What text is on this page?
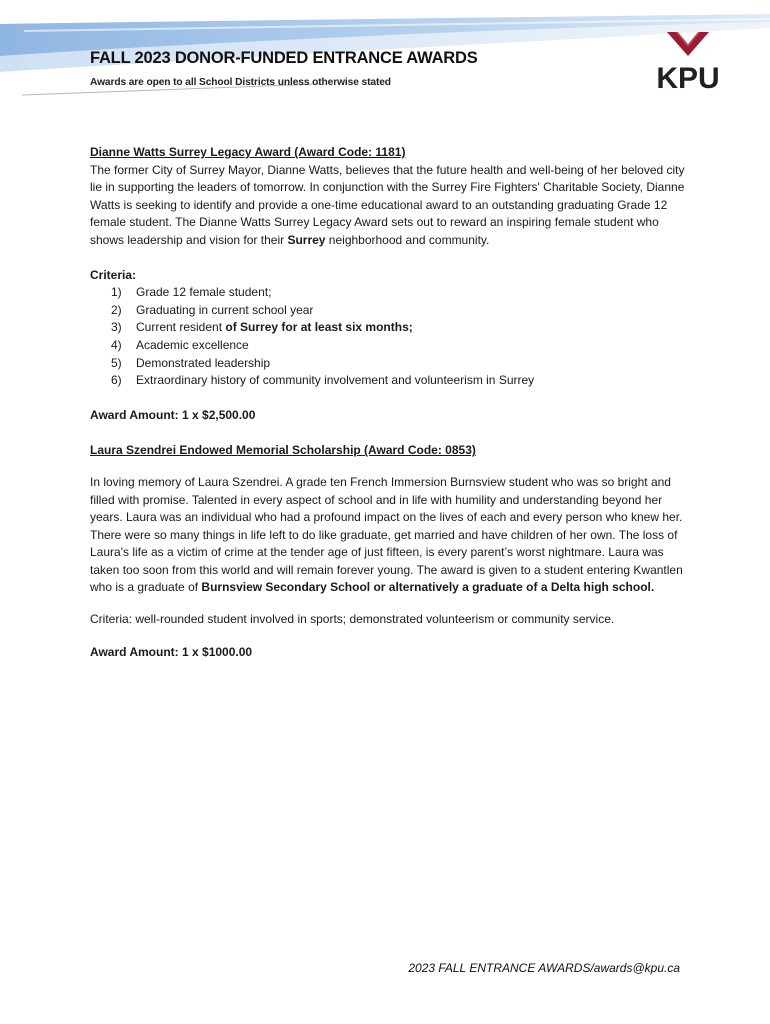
KPU
FALL 2023 DONOR-FUNDED ENTRANCE AWARDS

Awards are open to all School Districts unless otherwise stated

Dianne Watts Surrey Legacy Award (Award Code: 1181)

The former City of Surrey Mayor, Dianne Watts, believes that the future health and well-being of her beloved city lie in supporting the leaders of tomorrow. In conjunction with the Surrey Fire Fighters' Charitable Society, Dianne Watts is seeking to identify and provide a one-time educational award to an outstanding graduating Grade 12 female student. The Dianne Watts Surrey Legacy Award sets out to reward an inspiring female student who shows leadership and vision for their Surrey neighborhood and community.

Criteria:

1) Grade 12 female student;
2) Graduating in current school year
3) Current resident of Surrey for at least six months;
4) Academic excellence
5) Demonstrated leadership
6) Extraordinary history of community involvement and volunteerism in Surrey

Award Amount: 1 x $2,500.00

Laura Szendrei Endowed Memorial Scholarship (Award Code: 0853)

In loving memory of Laura Szendrei. A grade ten French Immersion Burnsview student who was so bright and filled with promise. Talented in every aspect of school and in life with humility and understanding beyond her years. Laura was an individual who had a profound impact on the lives of each and every person who knew her. There were so many things in life left to do like graduate, get married and have children of her own. The loss of Laura's life as a victim of crime at the tender age of just fifteen, is every parent’s worst nightmare. Laura was taken too soon from this world and will remain forever young. The award is given to a student entering Kwantlen who is a graduate of Burnsview Secondary School or alternatively a graduate of a Delta high school.

Criteria: well-rounded student involved in sports; demonstrated volunteerism or community service.

Award Amount: 1 x $1000.00

2023 FALL ENTRANCE AWARDS/awards@kpu.ca
